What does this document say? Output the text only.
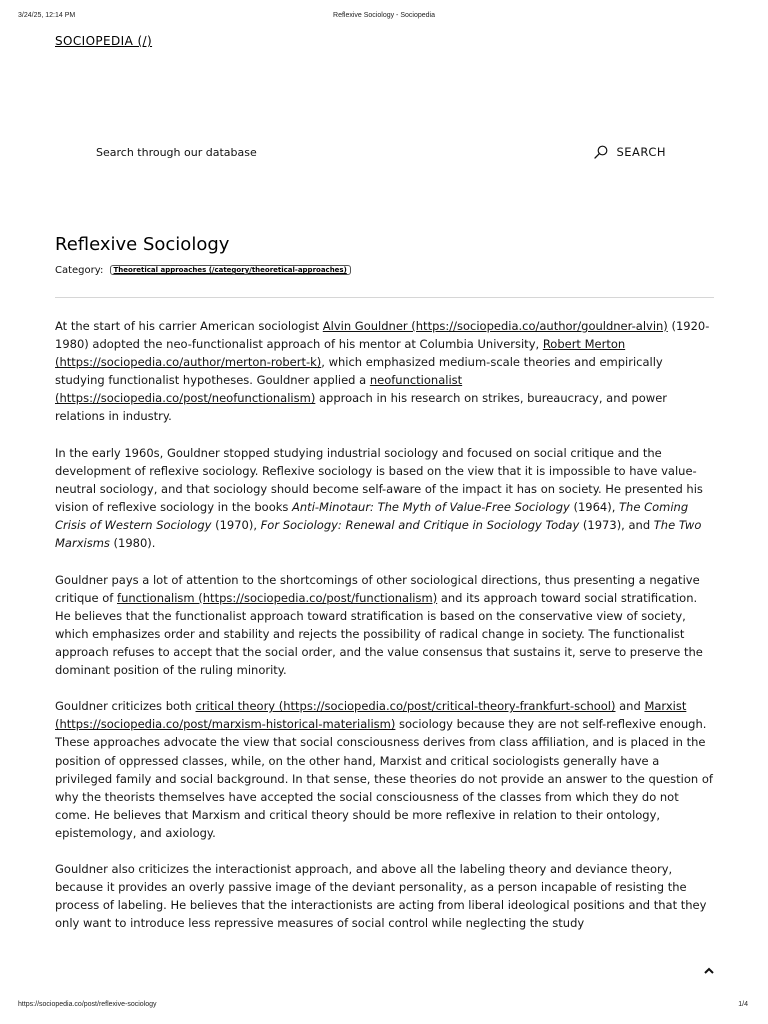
3/24/25, 12:14 PM	Reflexive Sociology - Sociopedia
SOCIOPEDIA (/)
Search through our database
SEARCH
Reflexive Sociology
Category: Theoretical approaches (/category/theoretical-approaches)

At the start of his carrier American sociologist Alvin Gouldner (https://sociopedia.co/author/gouldner-alvin) (1920-1980) adopted the neo-functionalist approach of his mentor at Columbia University, Robert Merton (https://sociopedia.co/author/merton-robert-k), which emphasized medium-scale theories and empirically studying functionalist hypotheses. Gouldner applied a neofunctionalist (https://sociopedia.co/post/neofunctionalism) approach in his research on strikes, bureaucracy, and power relations in industry.

In the early 1960s, Gouldner stopped studying industrial sociology and focused on social critique and the development of reflexive sociology. Reflexive sociology is based on the view that it is impossible to have value-neutral sociology, and that sociology should become self-aware of the impact it has on society. He presented his vision of reflexive sociology in the books Anti-Minotaur: The Myth of Value-Free Sociology (1964), The Coming Crisis of Western Sociology (1970), For Sociology: Renewal and Critique in Sociology Today (1973), and The Two Marxisms (1980).

Gouldner pays a lot of attention to the shortcomings of other sociological directions, thus presenting a negative critique of functionalism (https://sociopedia.co/post/functionalism) and its approach toward social stratification. He believes that the functionalist approach toward stratification is based on the conservative view of society, which emphasizes order and stability and rejects the possibility of radical change in society. The functionalist approach refuses to accept that the social order, and the value consensus that sustains it, serve to preserve the dominant position of the ruling minority.

Gouldner criticizes both critical theory (https://sociopedia.co/post/critical-theory-frankfurt-school) and Marxist (https://sociopedia.co/post/marxism-historical-materialism) sociology because they are not self-reflexive enough. These approaches advocate the view that social consciousness derives from class affiliation, and is placed in the position of oppressed classes, while, on the other hand, Marxist and critical sociologists generally have a privileged family and social background. In that sense, these theories do not provide an answer to the question of why the theorists themselves have accepted the social consciousness of the classes from which they do not come. He believes that Marxism and critical theory should be more reflexive in relation to their ontology, epistemology, and axiology.

Gouldner also criticizes the interactionist approach, and above all the labeling theory and deviance theory, because it provides an overly passive image of the deviant personality, as a person incapable of resisting the process of labeling. He believes that the interactionists are acting from liberal ideological positions and that they only want to introduce less repressive measures of social control while neglecting the study

https://sociopedia.co/post/reflexive-sociology	1/4
